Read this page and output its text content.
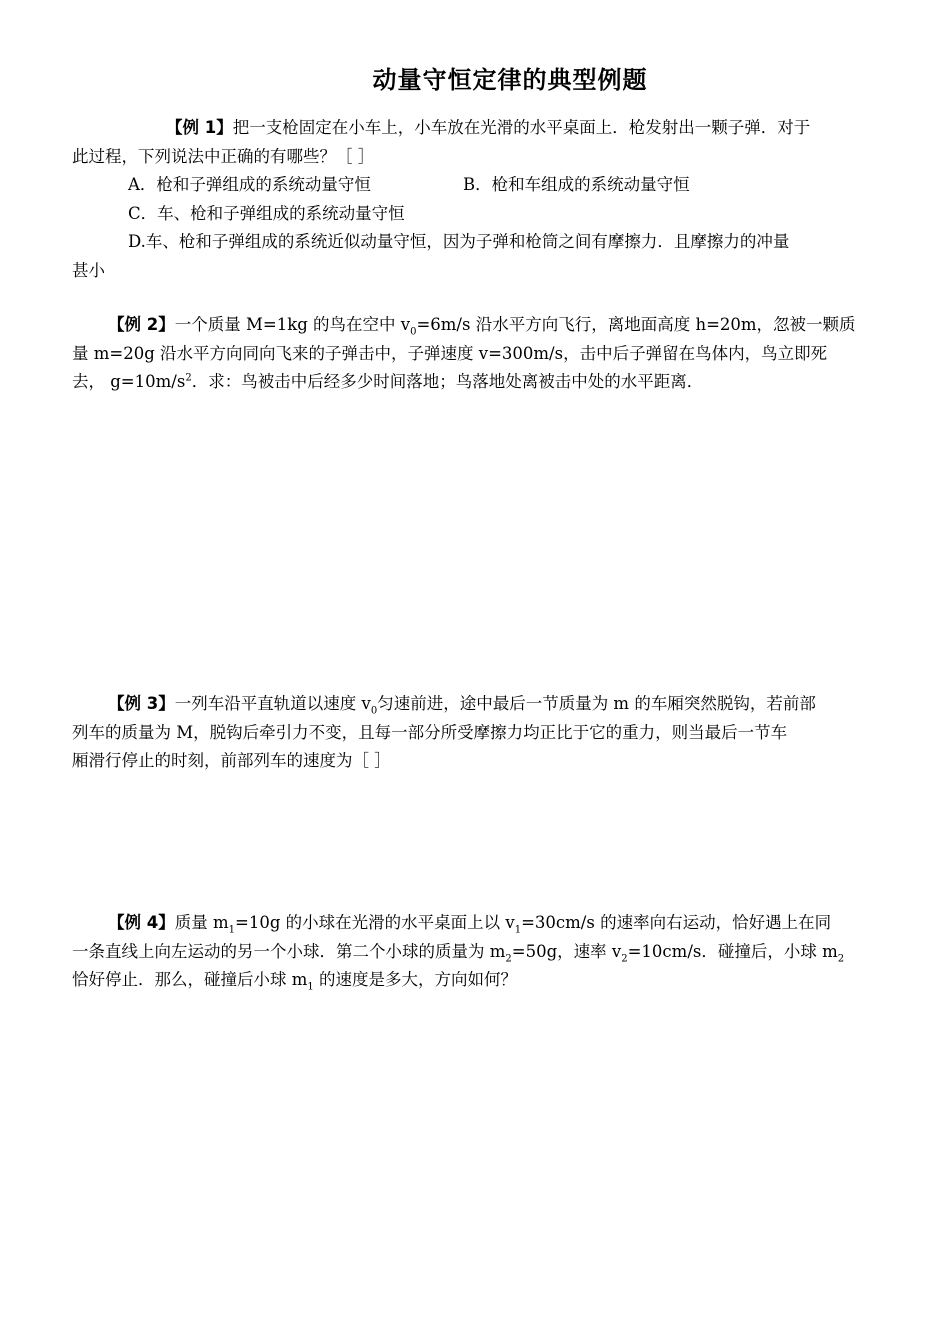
动量守恒定律的典型例题
【例 1】把一支枪固定在小车上，小车放在光滑的水平桌面上．枪发射出一颗子弹．对于
此过程，下列说法中正确的有哪些？［ ］
A．枪和子弹组成的系统动量守恒	B．枪和车组成的系统动量守恒
C．车、枪和子弹组成的系统动量守恒
D.车、枪和子弹组成的系统近似动量守恒，因为子弹和枪筒之间有摩擦力．且摩擦力的冲量
甚小
【例 2】一个质量 M=1kg 的鸟在空中 $v_0=6m/s$ 沿水平方向飞行，离地面高度 h=20m，忽被一颗质
量 m=20g 沿水平方向同向飞来的子弹击中，子弹速度 v=300m/s，击中后子弹留在鸟体内，鸟立即死
去， $g=10m/s^2$．求：鸟被击中后经多少时间落地；鸟落地处离被击中处的水平距离．
【例 3】一列车沿平直轨道以速度 $v_0$匀速前进，途中最后一节质量为 m 的车厢突然脱钩，若前部
列车的质量为 M，脱钩后牵引力不变，且每一部分所受摩擦力均正比于它的重力，则当最后一节车
厢滑行停止的时刻，前部列车的速度为［ ］
【例 4】质量 $m_1=10g$ 的小球在光滑的水平桌面上以 $v_1=30cm/s$ 的速率向右运动，恰好遇上在同
一条直线上向左运动的另一个小球．第二个小球的质量为 $m_2=50g$，速率 $v_2=10cm/s$．碰撞后，小球 $m_2$
恰好停止．那么，碰撞后小球 $m_1$ 的速度是多大，方向如何？
